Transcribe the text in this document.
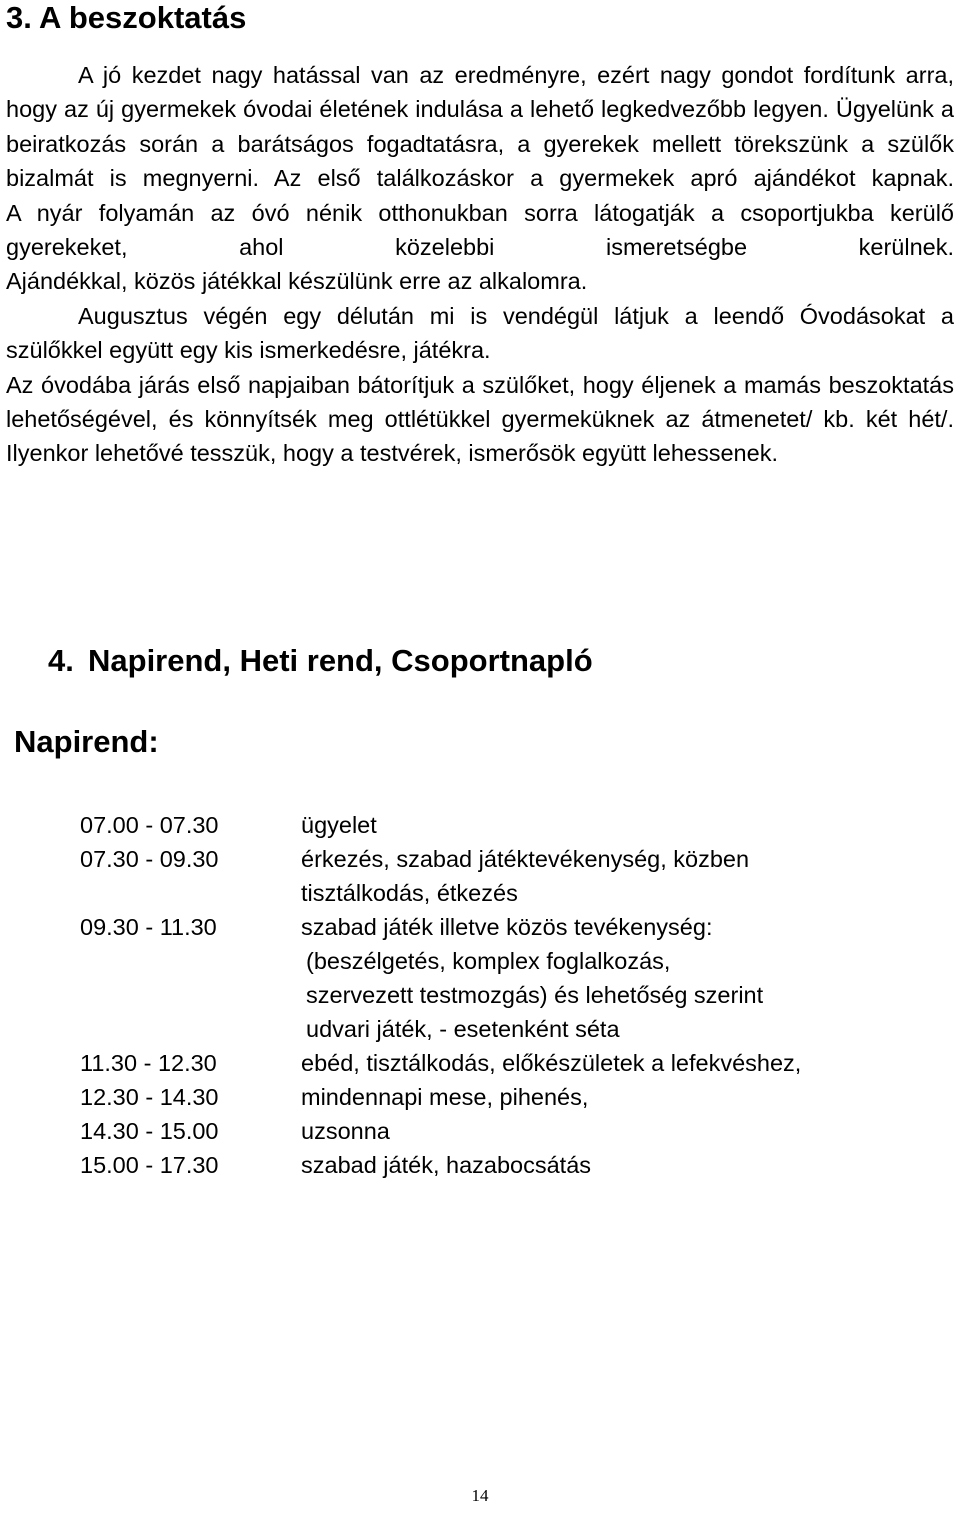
3. A beszoktatás

A jó kezdet nagy hatással van az eredményre, ezért nagy gondot fordítunk arra, hogy az új gyermekek óvodai életének indulása a lehető legkedvezőbb legyen. Ügyelünk a beiratkozás során a barátságos fogadtatásra, a gyerekek mellett törekszünk a szülők bizalmát is megnyerni. Az első találkozáskor a gyermekek apró ajándékot kapnak.

A nyár folyamán az óvó nénik otthonukban sorra látogatják a csoportjukba kerülő gyerekeket, ahol közelebbi ismeretségbe kerülnek.

Ajándékkal, közös játékkal készülünk erre az alkalomra.

Augusztus végén egy délután mi is vendégül látjuk a leendő Óvodásokat a szülőkkel együtt egy kis ismerkedésre, játékra.

Az óvodába járás első napjaiban bátorítjuk a szülőket, hogy éljenek a mamás beszoktatás lehetőségével, és könnyítsék meg ottlétükkel gyermeküknek az átmenetet/ kb. két hét/. Ilyenkor lehetővé tesszük, hogy a testvérek, ismerősök együtt lehessenek.

4. Napirend, Heti rend, Csoportnapló
Napirend:
07.00 - 07.30	ügyelet
07.30 - 09.30	érkezés, szabad játéktevékenység, közben
tisztálkodás, étkezés
09.30 - 11.30	szabad játék illetve közös tevékenység:
(beszélgetés, komplex foglalkozás,
szervezett testmozgás) és lehetőség szerint
udvari játék, - esetenként séta
11.30 - 12.30	ebéd, tisztálkodás, előkészületek a lefekvéshez,
12.30 - 14.30	mindennapi mese, pihenés,
14.30 - 15.00	uzsonna
15.00 - 17.30	szabad játék, hazabocsátás
14
